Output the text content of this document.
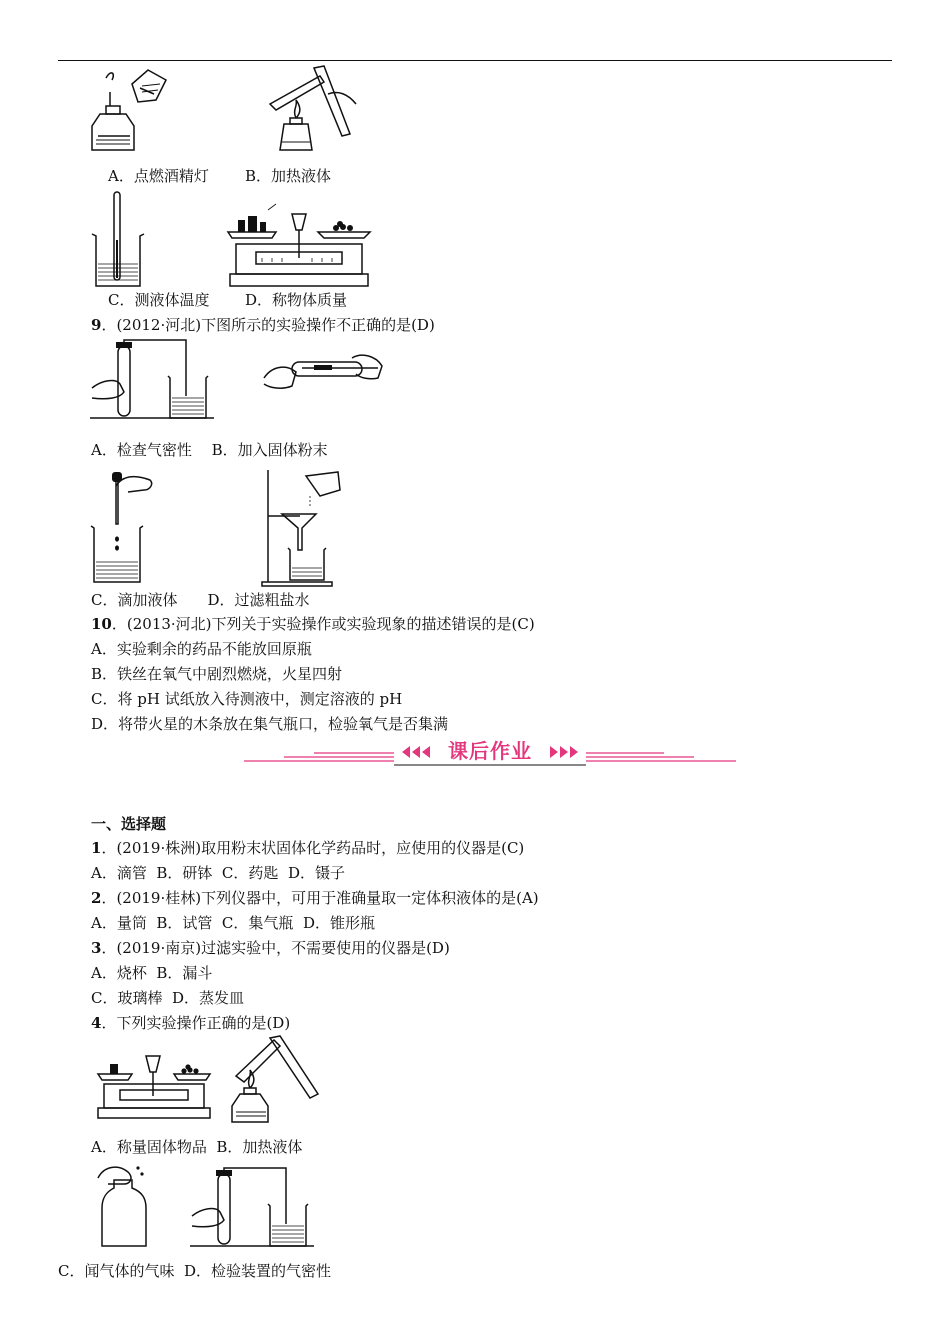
A．点燃酒精灯 B．加热液体
C．测液体温度 D．称物体质量
9．(2012·河北)下图所示的实验操作不正确的是(D)
A．检查气密性　 B．加入固体粉末
C．滴加液体　　D．过滤粗盐水
10．(2013·河北)下列关于实验操作或实验现象的描述错误的是(C)
A．实验剩余的药品不能放回原瓶
B．铁丝在氧气中剧烈燃烧，火星四射
C．将 pH 试纸放入待测液中，测定溶液的 pH
D．将带火星的木条放在集气瓶口，检验氧气是否集满
课后作业
一、选择题
1．(2019·株洲)取用粉末状固体化学药品时，应使用的仪器是(C)
A．滴管  B．研钵  C．药匙  D．镊子
2．(2019·桂林)下列仪器中，可用于准确量取一定体积液体的是(A)
A．量筒  B．试管  C．集气瓶  D．锥形瓶
3．(2019·南京)过滤实验中，不需要使用的仪器是(D)
A．烧杯  B．漏斗
C．玻璃棒  D．蒸发皿
4．下列实验操作正确的是(D)
A．称量固体物品  B．加热液体
C．闻气体的气味  D．检验装置的气密性
